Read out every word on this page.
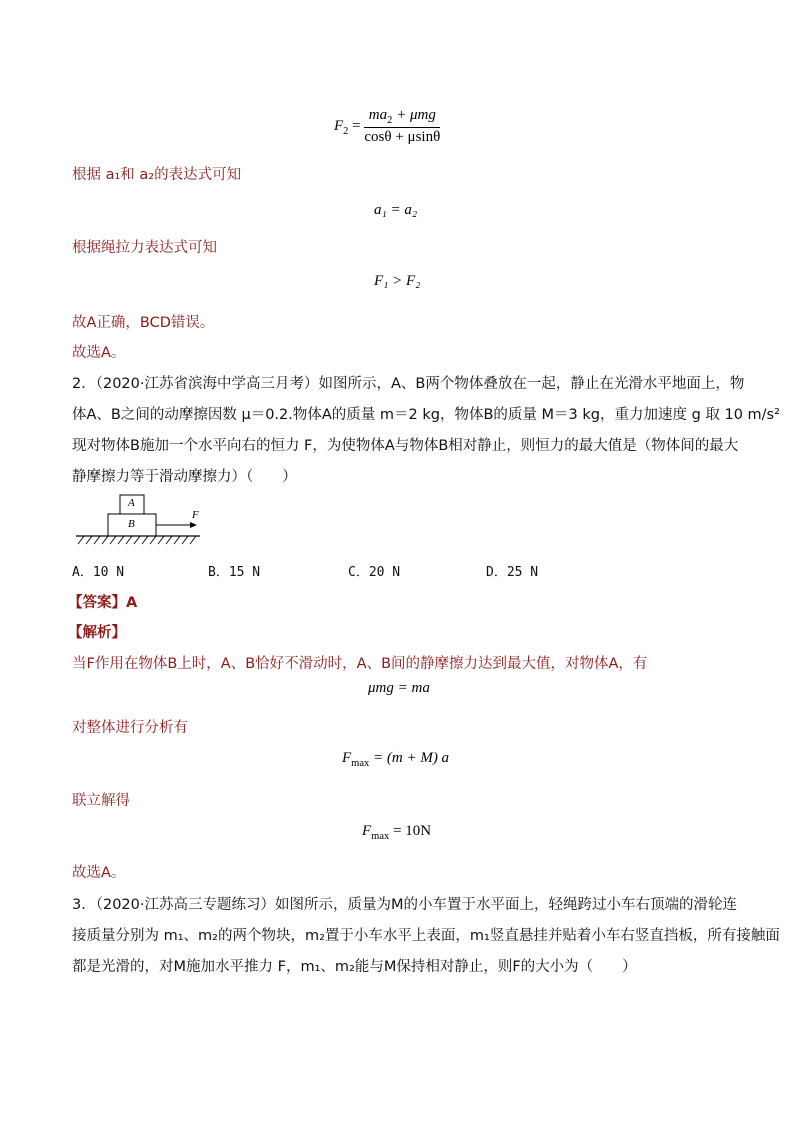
$F_2 = \frac{ma_2 + \mu mg}{\cos\theta + \mu\sin\theta}$
根据 a₁和 a₂的表达式可知
a₁ = a₂
根据绳拉力表达式可知
F₁ > F₂
故A正确，BCD错误。
故选A。
2．（2020·江苏省滨海中学高三月考）如图所示，A、B两个物体叠放在一起，静止在光滑水平地面上，物
体A、B之间的动摩擦因数 μ＝0.2.物体A的质量 m＝2 kg，物体B的质量 M＝3 kg，重力加速度 g 取 10 m/s²
现对物体B施加一个水平向右的恒力 F，为使物体A与物体B相对静止，则恒力的最大值是（物体间的最大
静摩擦力等于滑动摩擦力）（　　）
A
B
F
A．10 N	B．15 N	C．20 N	D．25 N
【答案】A
【解析】
当F作用在物体B上时，A、B恰好不滑动时，A、B间的静摩擦力达到最大值，对物体A，有
μmg = ma
对整体进行分析有
$F_{max} = (m + M)$ a
联立解得
$F_{max} = 10N$
故选A。
3．（2020·江苏高三专题练习）如图所示，质量为M的小车置于水平面上，轻绳跨过小车右顶端的滑轮连
接质量分别为 m₁、m₂的两个物块，m₂置于小车水平上表面，m₁竖直悬挂并贴着小车右竖直挡板，所有接触面
都是光滑的，对M施加水平推力 F，m₁、m₂能与M保持相对静止，则F的大小为（　　）
